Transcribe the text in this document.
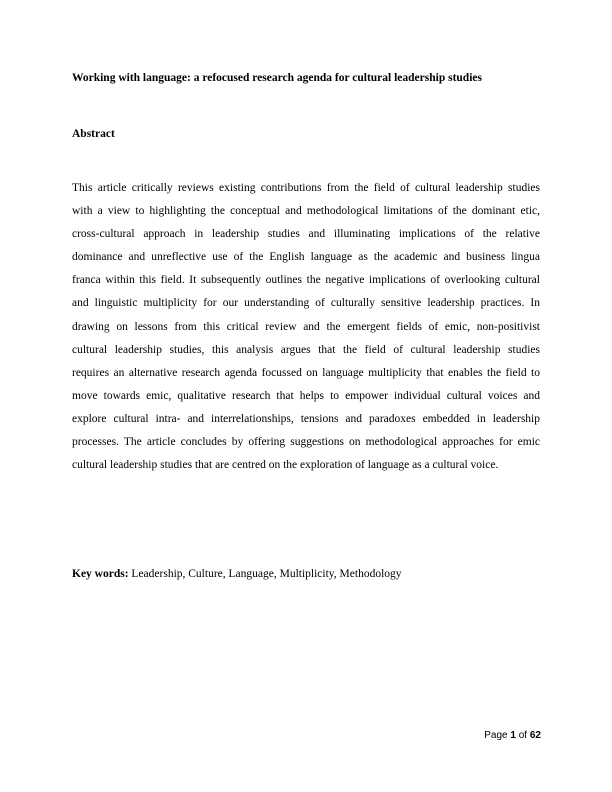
Working with language: a refocused research agenda for cultural leadership studies
Abstract
This article critically reviews existing contributions from the field of cultural leadership studies
with a view to highlighting the conceptual and methodological limitations of the dominant etic,
cross-cultural approach in leadership studies and illuminating implications of the relative
dominance and unreflective use of the English language as the academic and business lingua
franca within this field. It subsequently outlines the negative implications of overlooking cultural
and linguistic multiplicity for our understanding of culturally sensitive leadership practices. In
drawing on lessons from this critical review and the emergent fields of emic, non-positivist
cultural leadership studies, this analysis argues that the field of cultural leadership studies
requires an alternative research agenda focussed on language multiplicity that enables the field to
move towards emic, qualitative research that helps to empower individual cultural voices and
explore cultural intra- and interrelationships, tensions and paradoxes embedded in leadership
processes. The article concludes by offering suggestions on methodological approaches for emic
cultural leadership studies that are centred on the exploration of language as a cultural voice.
Key words: Leadership, Culture, Language, Multiplicity, Methodology
Page 1 of 62
